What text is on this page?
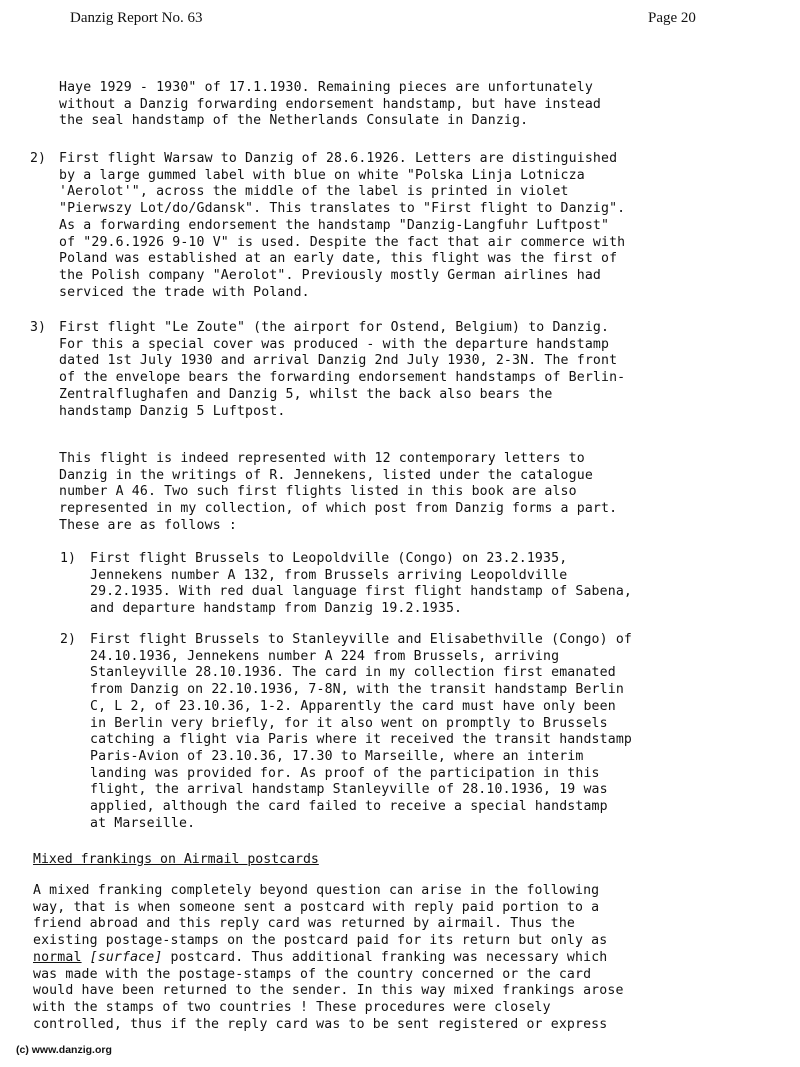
Danzig Report No. 63	Page 20
Haye 1929 - 1930" of 17.1.1930. Remaining pieces are unfortunately
without a Danzig forwarding endorsement handstamp, but have instead
the seal handstamp of the Netherlands Consulate in Danzig.
2) First flight Warsaw to Danzig of 28.6.1926. Letters are distinguished
by a large gummed label with blue on white "Polska Linja Lotnicza
'Aerolot'", across the middle of the label is printed in violet
"Pierwszy Lot/do/Gdansk". This translates to "First flight to Danzig".
As a forwarding endorsement the handstamp "Danzig-Langfuhr Luftpost"
of "29.6.1926 9-10 V" is used. Despite the fact that air commerce with
Poland was established at an early date, this flight was the first of
the Polish company "Aerolot". Previously mostly German airlines had
serviced the trade with Poland.
3) First flight "Le Zoute" (the airport for Ostend, Belgium) to Danzig.
For this a special cover was produced - with the departure handstamp
dated 1st July 1930 and arrival Danzig 2nd July 1930, 2-3N. The front
of the envelope bears the forwarding endorsement handstamps of Berlin-
Zentralflughafen and Danzig 5, whilst the back also bears the
handstamp Danzig 5 Luftpost.
This flight is indeed represented with 12 contemporary letters to
Danzig in the writings of R. Jennekens, listed under the catalogue
number A 46. Two such first flights listed in this book are also
represented in my collection, of which post from Danzig forms a part.
These are as follows :
1) First flight Brussels to Leopoldville (Congo) on 23.2.1935,
Jennekens number A 132, from Brussels arriving Leopoldville
29.2.1935. With red dual language first flight handstamp of Sabena,
and departure handstamp from Danzig 19.2.1935.
2) First flight Brussels to Stanleyville and Elisabethville (Congo) of
24.10.1936, Jennekens number A 224 from Brussels, arriving
Stanleyville 28.10.1936. The card in my collection first emanated
from Danzig on 22.10.1936, 7-8N, with the transit handstamp Berlin
C, L 2, of 23.10.36, 1-2. Apparently the card must have only been
in Berlin very briefly, for it also went on promptly to Brussels
catching a flight via Paris where it received the transit handstamp
Paris-Avion of 23.10.36, 17.30 to Marseille, where an interim
landing was provided for. As proof of the participation in this
flight, the arrival handstamp Stanleyville of 28.10.1936, 19 was
applied, although the card failed to receive a special handstamp
at Marseille.
Mixed frankings on Airmail postcards
A mixed franking completely beyond question can arise in the following
way, that is when someone sent a postcard with reply paid portion to a
friend abroad and this reply card was returned by airmail. Thus the
existing postage-stamps on the postcard paid for its return but only as
normal [surface] postcard. Thus additional franking was necessary which
was made with the postage-stamps of the country concerned or the card
would have been returned to the sender. In this way mixed frankings arose
with the stamps of two countries ! These procedures were closely
controlled, thus if the reply card was to be sent registered or express
(c) www.danzig.org
